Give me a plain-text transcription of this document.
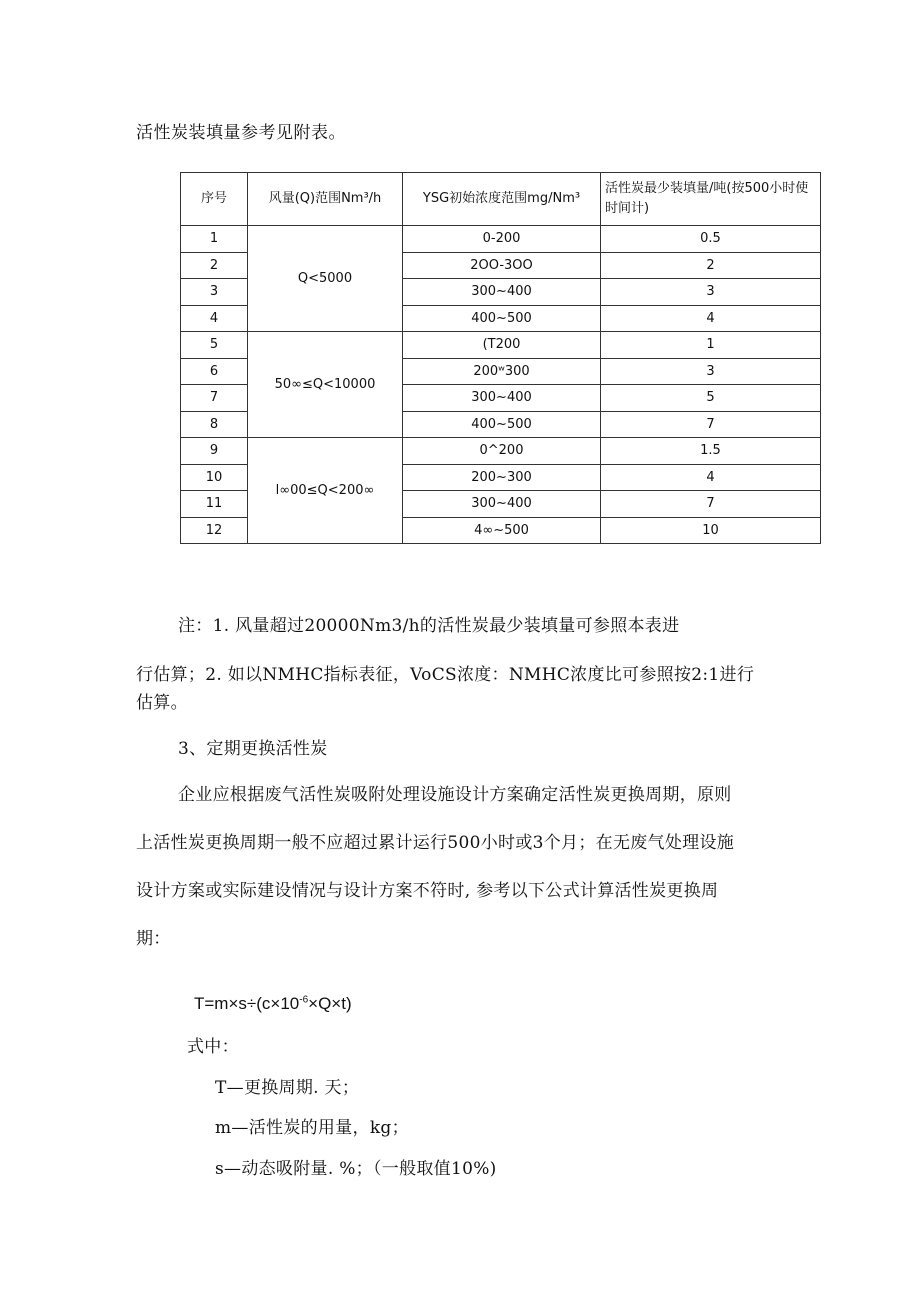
活性炭装填量参考见附表。
序号	风量(Q)范围Nm³/h	YSG初始浓度范围mg/Nm³	活性炭最少装填量/吨(按500小时使时间计)
1	Q<5000	0-200	0.5
2		2OO-3OO	2
3		300~400	3
4		400~500	4
5	50∞≤Q<10000	(T200	1
6		200ʷ300	3
7		300~400	5
8		400~500	7
9	l∞00≤Q<200∞	0^200	1.5
10		200~300	4
11		300~400	7
12		4∞~500	10
注：1. 风量超过20000Nm3∕h的活性炭最少装填量可参照本表进
行估算；2. 如以NMHC指标表征，VoCS浓度：NMHC浓度比可参照按2:1进行
估算。
3、定期更换活性炭
企业应根据废气活性炭吸附处理设施设计方案确定活性炭更换周期，原则
上活性炭更换周期一般不应超过累计运行500小时或3个月；在无废气处理设施
设计方案或实际建设情况与设计方案不符时, 参考以下公式计算活性炭更换周
期：
$T=m\times s\div(c\times 10^{-6}\times Q\times t)$
式中：
T—更换周期. 天；
m—活性炭的用量，kg；
s—动态吸附量. %；（一般取值10%)
